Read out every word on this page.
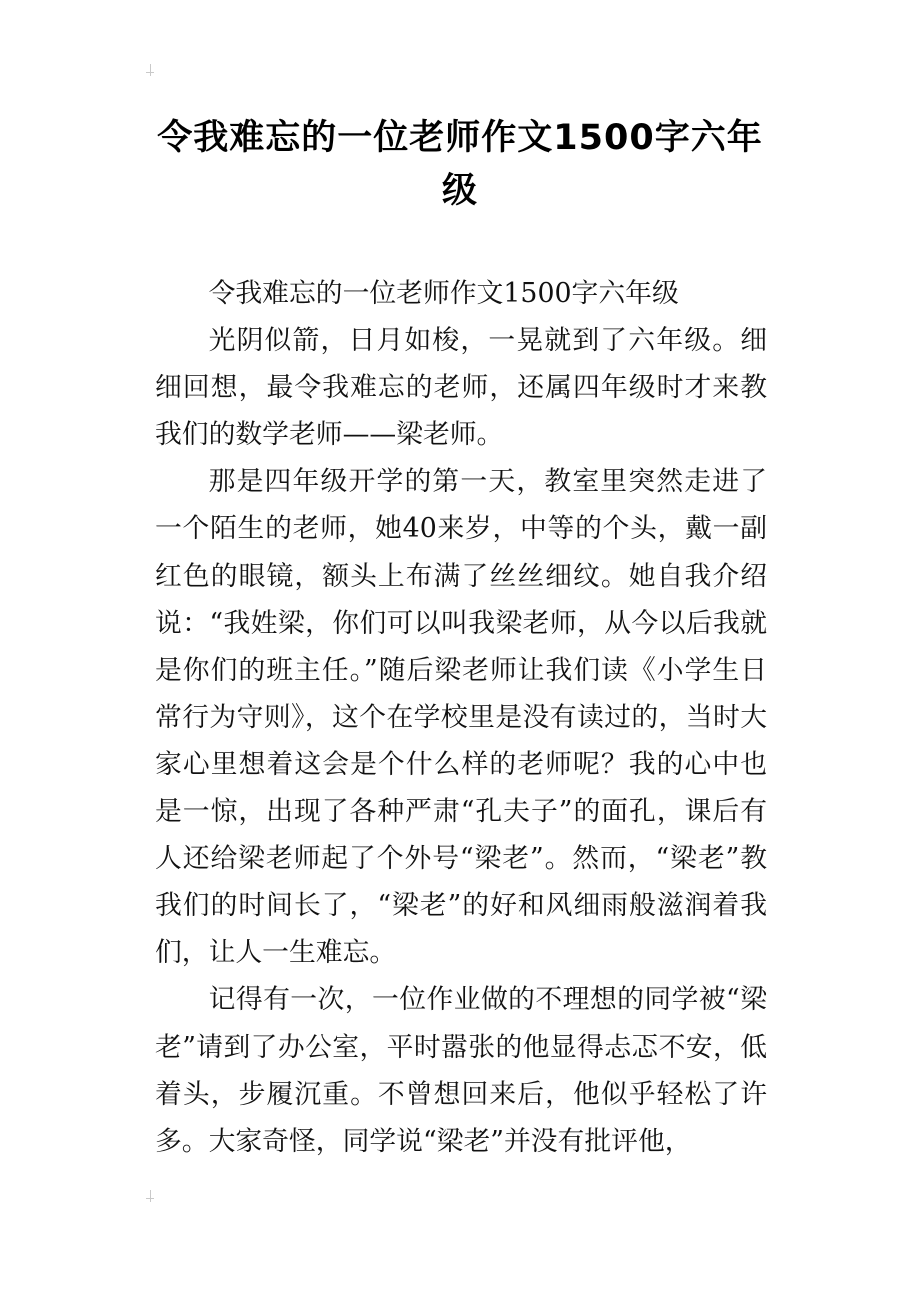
令我难忘的一位老师作文1500字六年级

令我难忘的一位老师作文1500字六年级

光阴似箭，日月如梭，一晃就到了六年级。细细回想，最令我难忘的老师，还属四年级时才来教我们的数学老师——梁老师。

那是四年级开学的第一天，教室里突然走进了一个陌生的老师，她40来岁，中等的个头，戴一副红色的眼镜，额头上布满了丝丝细纹。她自我介绍说：“我姓梁，你们可以叫我梁老师，从今以后我就是你们的班主任。”随后梁老师让我们读《小学生日常行为守则》，这个在学校里是没有读过的，当时大家心里想着这会是个什么样的老师呢？我的心中也是一惊，出现了各种严肃“孔夫子”的面孔，课后有人还给梁老师起了个外号“梁老”。然而，“梁老”教我们的时间长了，“梁老”的好和风细雨般滋润着我们，让人一生难忘。

记得有一次，一位作业做的不理想的同学被“梁老”请到了办公室，平时嚣张的他显得忐忑不安，低着头，步履沉重。不曾想回来后，他似乎轻松了许多。大家奇怪，同学说“梁老”并没有批评他，
